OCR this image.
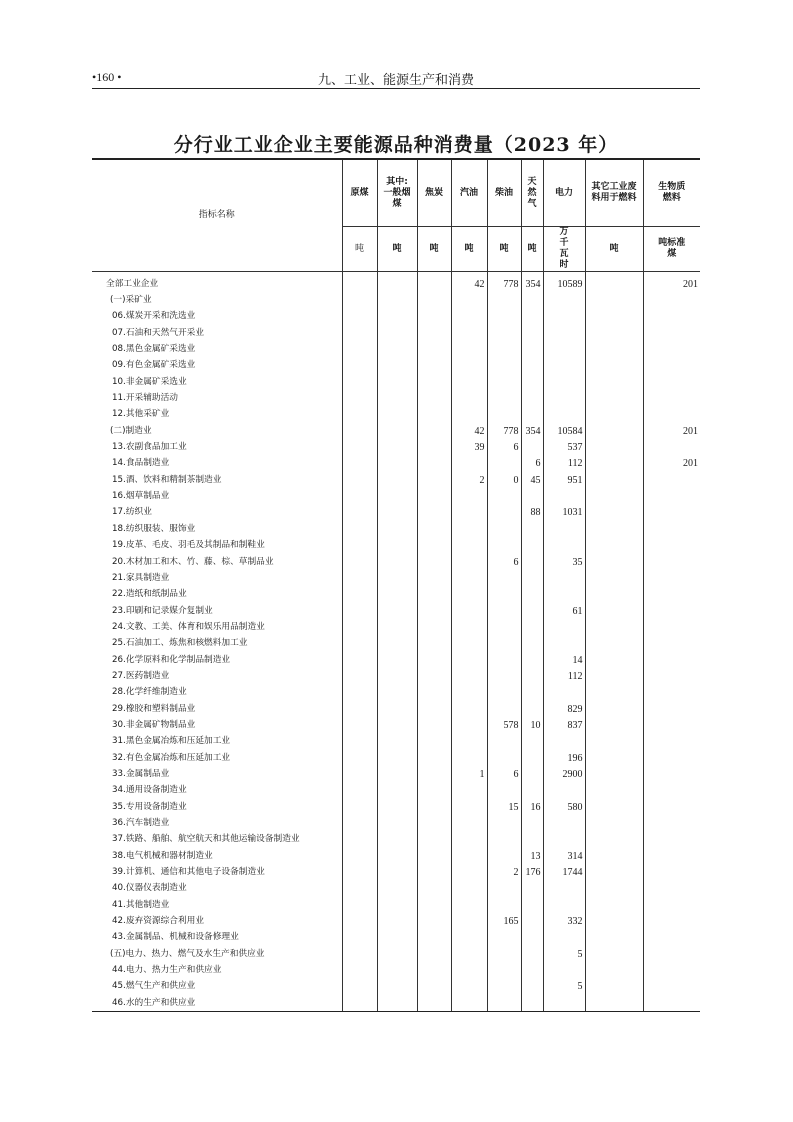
• 160 •	九、工业、能源生产和消费
分行业工业企业主要能源品种消费量（2023 年）
指标名称	原煤	其中:一般烟煤	焦炭	汽油	柴油	天然气	电力	其它工业废料用于燃料	生物质燃料
	吨	吨	吨	吨	吨	吨	万千瓦时	吨	吨标准煤
全部工业企业				42	778	354	10589		201
(一)采矿业									
06.煤炭开采和洗选业									
07.石油和天然气开采业									
08.黑色金属矿采选业									
09.有色金属矿采选业									
10.非金属矿采选业									
11.开采辅助活动									
12.其他采矿业									
(二)制造业				42	778	354	10584		201
13.农副食品加工业				39	6		537		
14.食品制造业						6	112		201
15.酒、饮料和精制茶制造业				2	0	45	951		
16.烟草制品业									
17.纺织业						88	1031		
18.纺织服装、服饰业									
19.皮革、毛皮、羽毛及其制品和制鞋业									
20.木材加工和木、竹、藤、棕、草制品业					6		35		
21.家具制造业									
22.造纸和纸制品业									
23.印刷和记录媒介复制业							61		
24.文教、工美、体育和娱乐用品制造业									
25.石油加工、炼焦和核燃料加工业									
26.化学原料和化学制品制造业							14		
27.医药制造业							112		
28.化学纤维制造业									
29.橡胶和塑料制品业							829		
30.非金属矿物制品业					578	10	837		
31.黑色金属冶炼和压延加工业									
32.有色金属冶炼和压延加工业							196		
33.金属制品业				1	6		2900		
34.通用设备制造业									
35.专用设备制造业					15	16	580		
36.汽车制造业									
37.铁路、船舶、航空航天和其他运输设备制造业									
38.电气机械和器材制造业						13	314		
39.计算机、通信和其他电子设备制造业					2	176	1744		
40.仪器仪表制造业									
41.其他制造业									
42.废弃资源综合利用业					165		332		
43.金属制品、机械和设备修理业									
(五)电力、热力、燃气及水生产和供应业							5		
44.电力、热力生产和供应业									
45.燃气生产和供应业							5		
46.水的生产和供应业									
